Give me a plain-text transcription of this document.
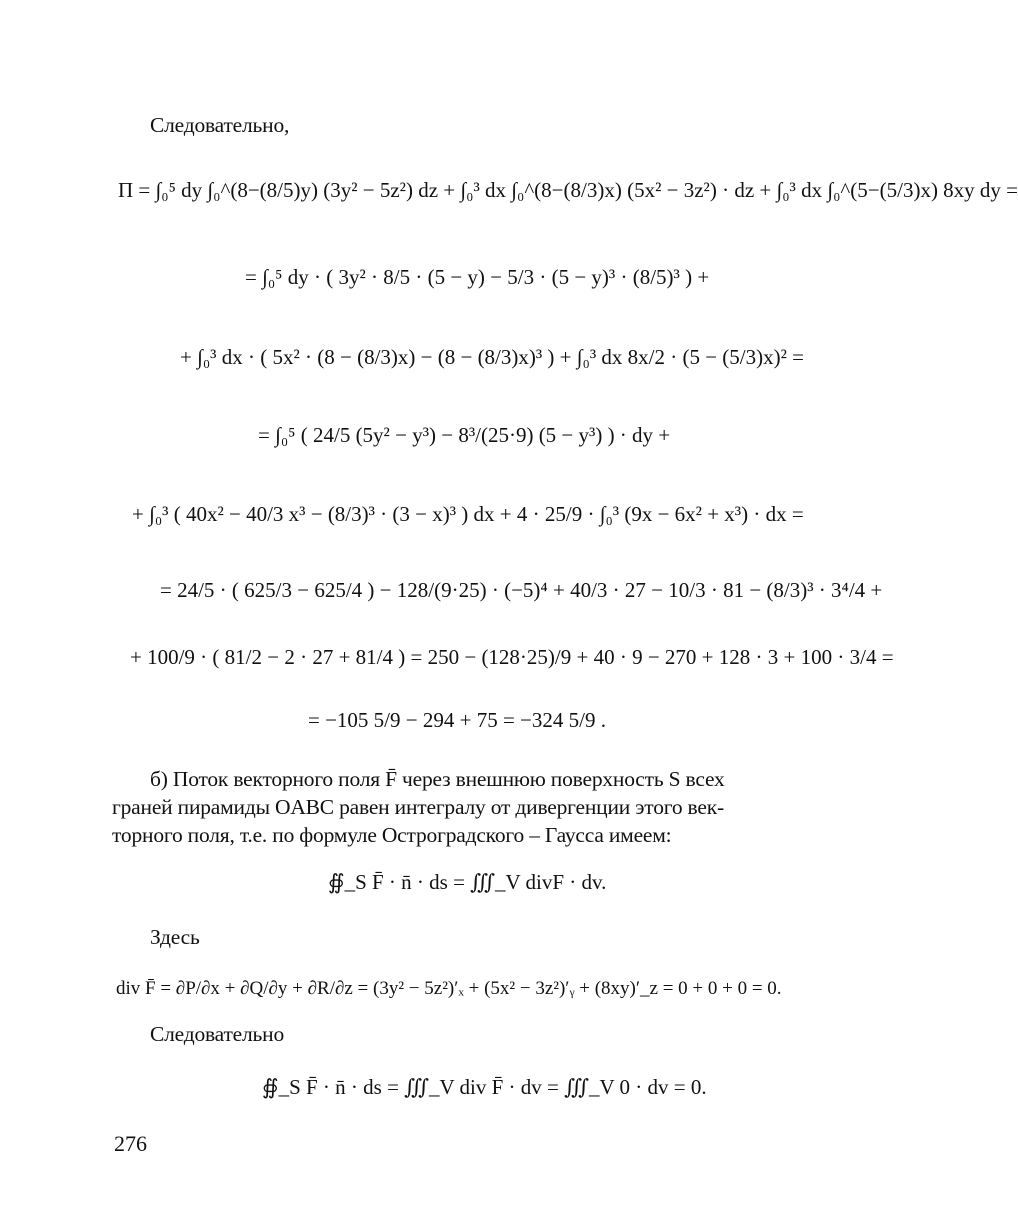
Следовательно,
П = ∫₀⁵ dy ∫₀^(8−(8/5)y) (3y² − 5z²) dz + ∫₀³ dx ∫₀^(8−(8/3)x) (5x² − 3z²) · dz + ∫₀³ dx ∫₀^(5−(5/3)x) 8xy dy =
= ∫₀⁵ dy · ( 3y² · 8/5 · (5 − y) − 5/3 · (5 − y)³ · (8/5)³ ) +
+ ∫₀³ dx · ( 5x² · (8 − (8/3)x) − (8 − (8/3)x)³ ) + ∫₀³ dx 8x/2 · (5 − (5/3)x)² =
= ∫₀⁵ ( 24/5 (5y² − y³) − 8³/(25·9) (5 − y³) ) · dy +
+ ∫₀³ ( 40x² − 40/3 x³ − (8/3)³ · (3 − x)³ ) dx + 4 · 25/9 · ∫₀³ (9x − 6x² + x³) · dx =
= 24/5 · ( 625/3 − 625/4 ) − 128/(9·25) · (−5)⁴ + 40/3 · 27 − 10/3 · 81 − (8/3)³ · 3⁴/4 +
+ 100/9 · ( 81/2 − 2 · 27 + 81/4 ) = 250 − (128·25)/9 + 40 · 9 − 270 + 128 · 3 + 100 · 3/4 =
= −105 5/9 − 294 + 75 = −324 5/9 .
б) Поток векторного поля F̄ через внешнюю поверхность S всех
граней пирамиды OABC равен интегралу от дивергенции этого век-
торного поля, т.е. по формуле Остроградского – Гаусса имеем:
∯_S F̄ · n̄ · ds = ∭_V divF · dv.
Здесь
div F̄ = ∂P/∂x + ∂Q/∂y + ∂R/∂z = (3y² − 5z²)′ₓ + (5x² − 3z²)′ᵧ + (8xy)′_z = 0 + 0 + 0 = 0.
Следовательно
∯_S F̄ · n̄ · ds = ∭_V div F̄ · dv = ∭_V 0 · dv = 0.
276
